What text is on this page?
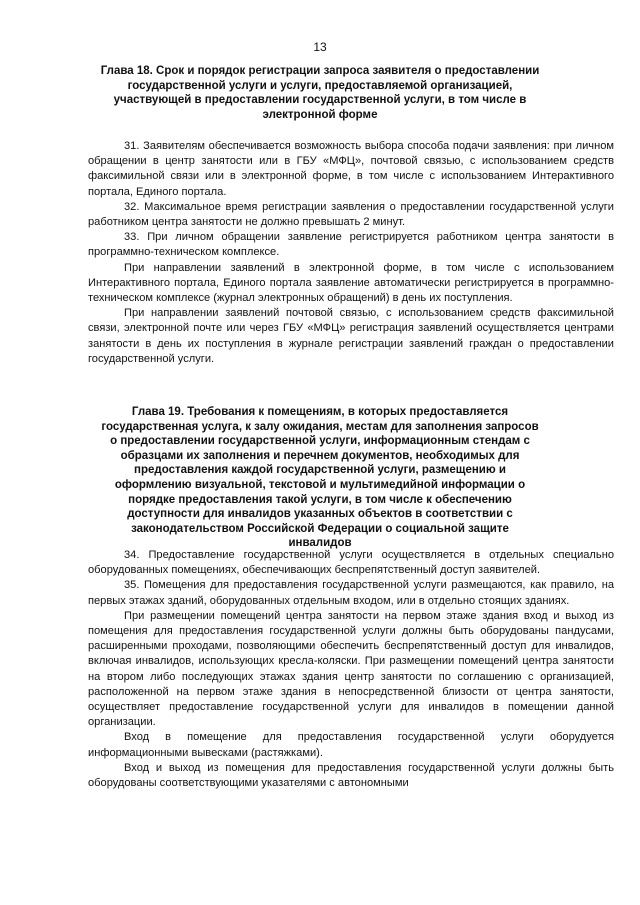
13
Глава 18. Срок и порядок регистрации запроса заявителя о предоставлении государственной услуги и услуги, предоставляемой организацией, участвующей в предоставлении государственной услуги, в том числе в электронной форме

31. Заявителям обеспечивается возможность выбора способа подачи заявления: при личном обращении в центр занятости или в ГБУ «МФЦ», почтовой связью, с использованием средств факсимильной связи или в электронной форме, в том числе с использованием Интерактивного портала, Единого портала.

32. Максимальное время регистрации заявления о предоставлении государственной услуги работником центра занятости не должно превышать 2 минут.

33. При личном обращении заявление регистрируется работником центра занятости в программно-техническом комплексе.

При направлении заявлений в электронной форме, в том числе с использованием Интерактивного портала, Единого портала заявление автоматически регистрируется в программно-техническом комплексе (журнал электронных обращений) в день их поступления.

При направлении заявлений почтовой связью, с использованием средств факсимильной связи, электронной почте или через ГБУ «МФЦ» регистрация заявлений осуществляется центрами занятости в день их поступления в журнале регистрации заявлений граждан о предоставлении государственной услуги.

Глава 19. Требования к помещениям, в которых предоставляется государственная услуга, к залу ожидания, местам для заполнения запросов о предоставлении государственной услуги, информационным стендам с образцами их заполнения и перечнем документов, необходимых для предоставления каждой государственной услуги, размещению и оформлению визуальной, текстовой и мультимедийной информации о порядке предоставления такой услуги, в том числе к обеспечению доступности для инвалидов указанных объектов в соответствии с законодательством Российской Федерации о социальной защите инвалидов

34. Предоставление государственной услуги осуществляется в отдельных специально оборудованных помещениях, обеспечивающих беспрепятственный доступ заявителей.

35. Помещения для предоставления государственной услуги размещаются, как правило, на первых этажах зданий, оборудованных отдельным входом, или в отдельно стоящих зданиях.

При размещении помещений центра занятости на первом этаже здания вход и выход из помещения для предоставления государственной услуги должны быть оборудованы пандусами, расширенными проходами, позволяющими обеспечить беспрепятственный доступ для инвалидов, включая инвалидов, использующих кресла-коляски. При размещении помещений центра занятости на втором либо последующих этажах здания центр занятости по соглашению с организацией, расположенной на первом этаже здания в непосредственной близости от центра занятости, осуществляет предоставление государственной услуги для инвалидов в помещении данной организации.

Вход в помещение для предоставления государственной услуги оборудуется информационными вывесками (растяжками).

Вход и выход из помещения для предоставления государственной услуги должны быть оборудованы соответствующими указателями с автономными
